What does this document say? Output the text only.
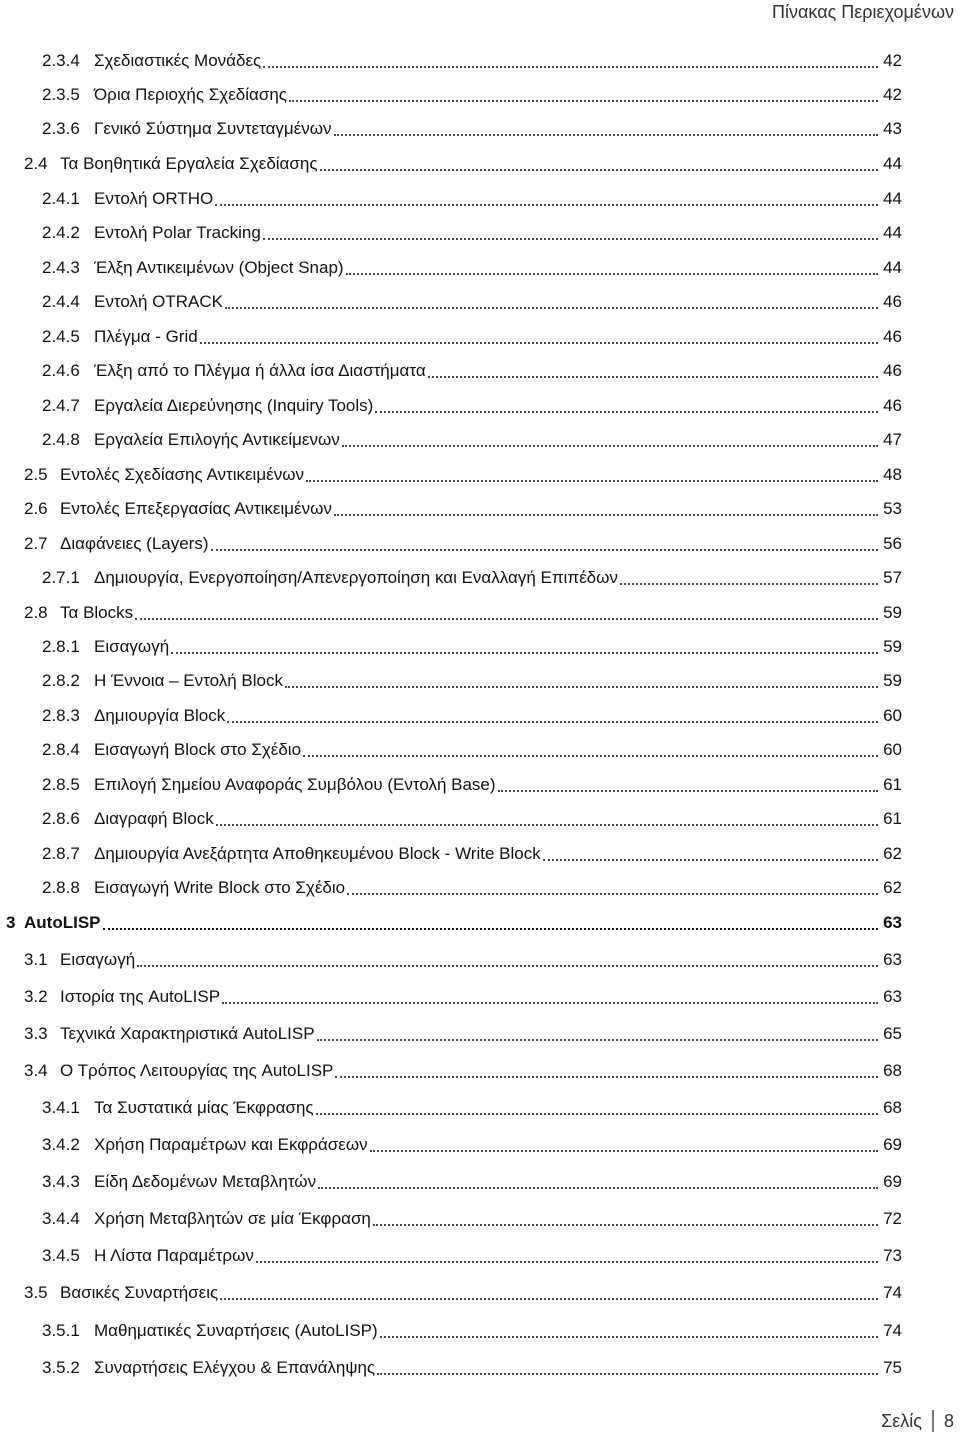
Πίνακας Περιεχομένων
2.3.4 Σχεδιαστικές Μονάδες	42
2.3.5 Όρια Περιοχής Σχεδίασης	42
2.3.6 Γενικό Σύστημα Συντεταγμένων	43
2.4 Τα Βοηθητικά Εργαλεία Σχεδίασης	44
2.4.1 Εντολή ORTHO	44
2.4.2 Εντολή Polar Tracking	44
2.4.3 Έλξη Αντικειμένων (Object Snap)	44
2.4.4 Εντολή OTRACK	46
2.4.5 Πλέγμα - Grid	46
2.4.6 Έλξη από το Πλέγμα ή άλλα ίσα Διαστήματα	46
2.4.7 Εργαλεία Διερεύνησης (Inquiry Tools)	46
2.4.8 Εργαλεία Επιλογής Αντικείμενων	47
2.5 Εντολές Σχεδίασης Αντικειμένων	48
2.6 Εντολές Επεξεργασίας Αντικειμένων	53
2.7 Διαφάνειες (Layers)	56
2.7.1 Δημιουργία, Ενεργοποίηση/Απενεργοποίηση και Εναλλαγή Επιπέδων	57
2.8 Τα Blocks	59
2.8.1 Εισαγωγή	59
2.8.2 Η Έννοια – Εντολή Block	59
2.8.3 Δημιουργία Block	60
2.8.4 Εισαγωγή Block στο Σχέδιο	60
2.8.5 Επιλογή Σημείου Αναφοράς Συμβόλου (Εντολή Base)	61
2.8.6 Διαγραφή Block	61
2.8.7 Δημιουργία Ανεξάρτητα Αποθηκευμένου Block - Write Block	62
2.8.8 Εισαγωγή Write Block στο Σχέδιο	62
3 AutoLISP	63
3.1 Εισαγωγή	63
3.2 Ιστορία της AutoLISP	63
3.3 Τεχνικά Χαρακτηριστικά AutoLISP	65
3.4 Ο Τρόπος Λειτουργίας της AutoLISP	68
3.4.1 Τα Συστατικά μίας Έκφρασης	68
3.4.2 Χρήση Παραμέτρων και Εκφράσεων	69
3.4.3 Είδη Δεδομένων Μεταβλητών	69
3.4.4 Χρήση Μεταβλητών σε μία Έκφραση	72
3.4.5 Η Λίστα Παραμέτρων	73
3.5 Βασικές Συναρτήσεις	74
3.5.1 Μαθηματικές Συναρτήσεις (AutoLISP)	74
3.5.2 Συναρτήσεις Ελέγχου & Επανάληψης	75
Σελίς 8
